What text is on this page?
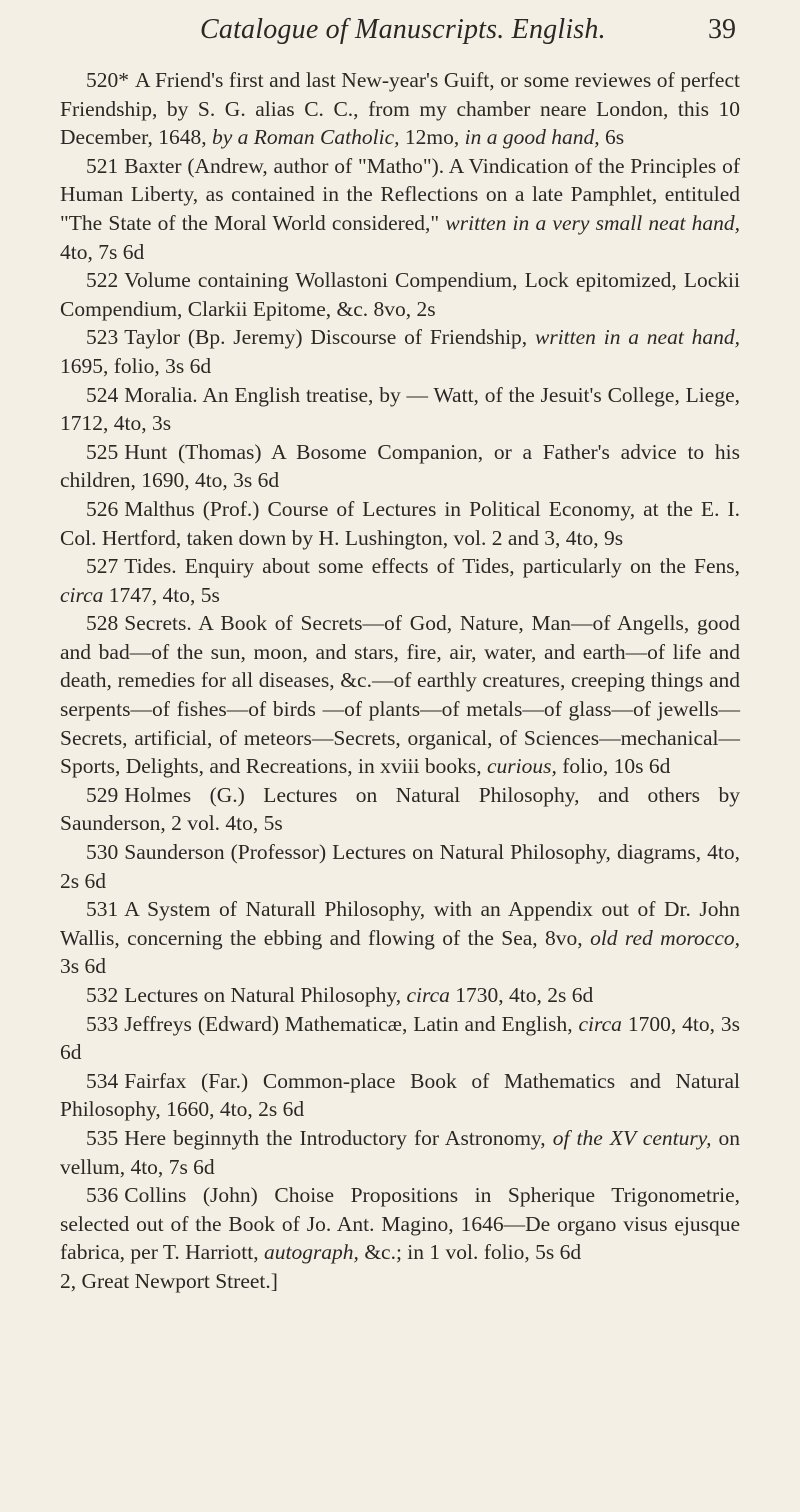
Catalogue of Manuscripts. English.	39

520* A Friend's first and last New-year's Guift, or some reviewes of perfect Friendship, by S. G. alias C. C., from my chamber neare London, this 10 December, 1648, by a Roman Catholic, 12mo, in a good hand, 6s

521 Baxter (Andrew, author of "Matho"). A Vindication of the Principles of Human Liberty, as contained in the Reflections on a late Pamphlet, entituled "The State of the Moral World considered," written in a very small neat hand, 4to, 7s 6d

522 Volume containing Wollastoni Compendium, Lock epitomized, Lockii Compendium, Clarkii Epitome, &c. 8vo, 2s

523 Taylor (Bp. Jeremy) Discourse of Friendship, written in a neat hand, 1695, folio, 3s 6d

524 Moralia. An English treatise, by — Watt, of the Jesuit's College, Liege, 1712, 4to, 3s

525 Hunt (Thomas) A Bosome Companion, or a Father's advice to his children, 1690, 4to, 3s 6d

526 Malthus (Prof.) Course of Lectures in Political Economy, at the E. I. Col. Hertford, taken down by H. Lushington, vol. 2 and 3, 4to, 9s

527 Tides. Enquiry about some effects of Tides, particularly on the Fens, circa 1747, 4to, 5s

528 Secrets. A Book of Secrets—of God, Nature, Man—of Angells, good and bad—of the sun, moon, and stars, fire, air, water, and earth—of life and death, remedies for all diseases, &c.—of earthly creatures, creeping things and serpents—of fishes—of birds —of plants—of metals—of glass—of jewells—Secrets, artificial, of meteors—Secrets, organical, of Sciences—mechanical—Sports, Delights, and Recreations, in xviii books, curious, folio, 10s 6d

529 Holmes (G.) Lectures on Natural Philosophy, and others by Saunderson, 2 vol. 4to, 5s

530 Saunderson (Professor) Lectures on Natural Philosophy, diagrams, 4to, 2s 6d

531 A System of Naturall Philosophy, with an Appendix out of Dr. John Wallis, concerning the ebbing and flowing of the Sea, 8vo, old red morocco, 3s 6d

532 Lectures on Natural Philosophy, circa 1730, 4to, 2s 6d

533 Jeffreys (Edward) Mathematicæ, Latin and English, circa 1700, 4to, 3s 6d

534 Fairfax (Far.) Common-place Book of Mathematics and Natural Philosophy, 1660, 4to, 2s 6d

535 Here beginnyth the Introductory for Astronomy, of the XV century, on vellum, 4to, 7s 6d

536 Collins (John) Choise Propositions in Spherique Trigonometrie, selected out of the Book of Jo. Ant. Magino, 1646—De organo visus ejusque fabrica, per T. Harriott, autograph, &c.; in 1 vol. folio, 5s 6d

2, Great Newport Street.]
